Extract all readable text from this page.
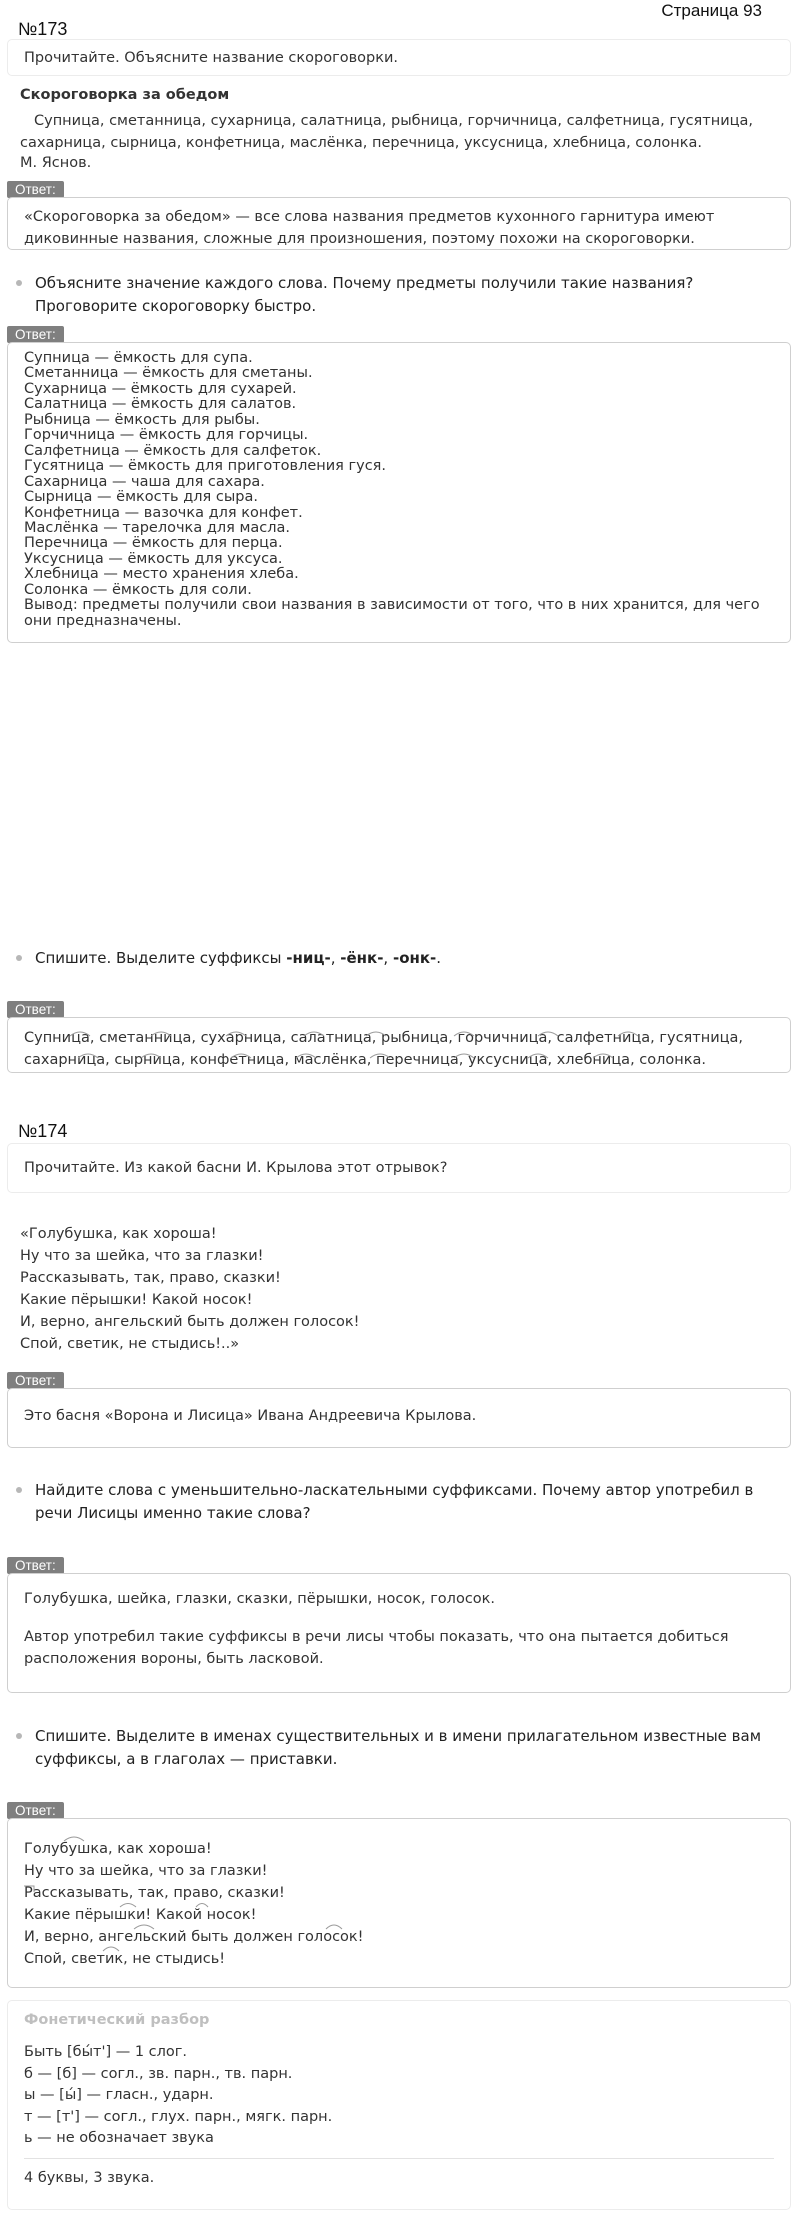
Страница 93
№173
Прочитайте. Объясните название скороговорки.
Скороговорка за обедом
Супница, сметанница, сухарница, салатница, рыбница, горчичница, салфетница, гусятница, сахарница, сырница, конфетница, маслёнка, перечница, уксусница, хлебница, солонка.
М. Яснов.
Ответ:
«Скороговорка за обедом» — все слова названия предметов кухонного гарнитура имеют диковинные названия, сложные для произношения, поэтому похожи на скороговорки.
Объясните значение каждого слова. Почему предметы получили такие названия? Проговорите скороговорку быстро.
Ответ:
Супница — ёмкость для супа.
Сметанница — ёмкость для сметаны.
Сухарница — ёмкость для сухарей.
Салатница — ёмкость для салатов.
Рыбница — ёмкость для рыбы.
Горчичница — ёмкость для горчицы.
Салфетница — ёмкость для салфеток.
Гусятница — ёмкость для приготовления гуся.
Сахарница — чаша для сахара.
Сырница — ёмкость для сыра.
Конфетница — вазочка для конфет.
Маслёнка — тарелочка для масла.
Перечница — ёмкость для перца.
Уксусница — ёмкость для уксуса.
Хлебница — место хранения хлеба.
Солонка — ёмкость для соли.
Вывод: предметы получили свои названия в зависимости от того, что в них хранится, для чего они предназначены.
Спишите. Выделите суффиксы -ниц-, -ёнк-, -онк-.
Ответ:
Супница, сметанница, сухарница, салатница, рыбница, горчичница, салфетница, гусятница, сахарница, сырница, конфетница, маслёнка, перечница, уксусница, хлебница, солонка.
№174
Прочитайте. Из какой басни И. Крылова этот отрывок?
«Голубушка, как хороша!
Ну что за шейка, что за глазки!
Рассказывать, так, право, сказки!
Какие пёрышки! Какой носок!
И, верно, ангельский быть должен голосок!
Спой, светик, не стыдись!..»
Ответ:
Это басня «Ворона и Лисица» Ивана Андреевича Крылова.
Найдите слова с уменьшительно-ласкательными суффиксами. Почему автор употребил в речи Лисицы именно такие слова?
Ответ:
Голубушка, шейка, глазки, сказки, пёрышки, носок, голосок.
Автор употребил такие суффиксы в речи лисы чтобы показать, что она пытается добиться расположения вороны, быть ласковой.
Спишите. Выделите в именах существительных и в имени прилагательном известные вам суффиксы, а в глаголах — приставки.
Ответ:
Голубушка, как хороша!
Ну что за шейка, что за глазки!
Рассказывать, так, право, сказки!
Какие пёрышки! Какой носок!
И, верно, ангельский быть должен голосок!
Спой, светик, не стыдись!
Фонетический разбор
Быть [бы́т'] — 1 слог.
б — [б] — согл., зв. парн., тв. парн.
ы — [ы́] — гласн., ударн.
т — [т'] — согл., глух. парн., мягк. парн.
ь — не обозначает звука
4 буквы, 3 звука.
